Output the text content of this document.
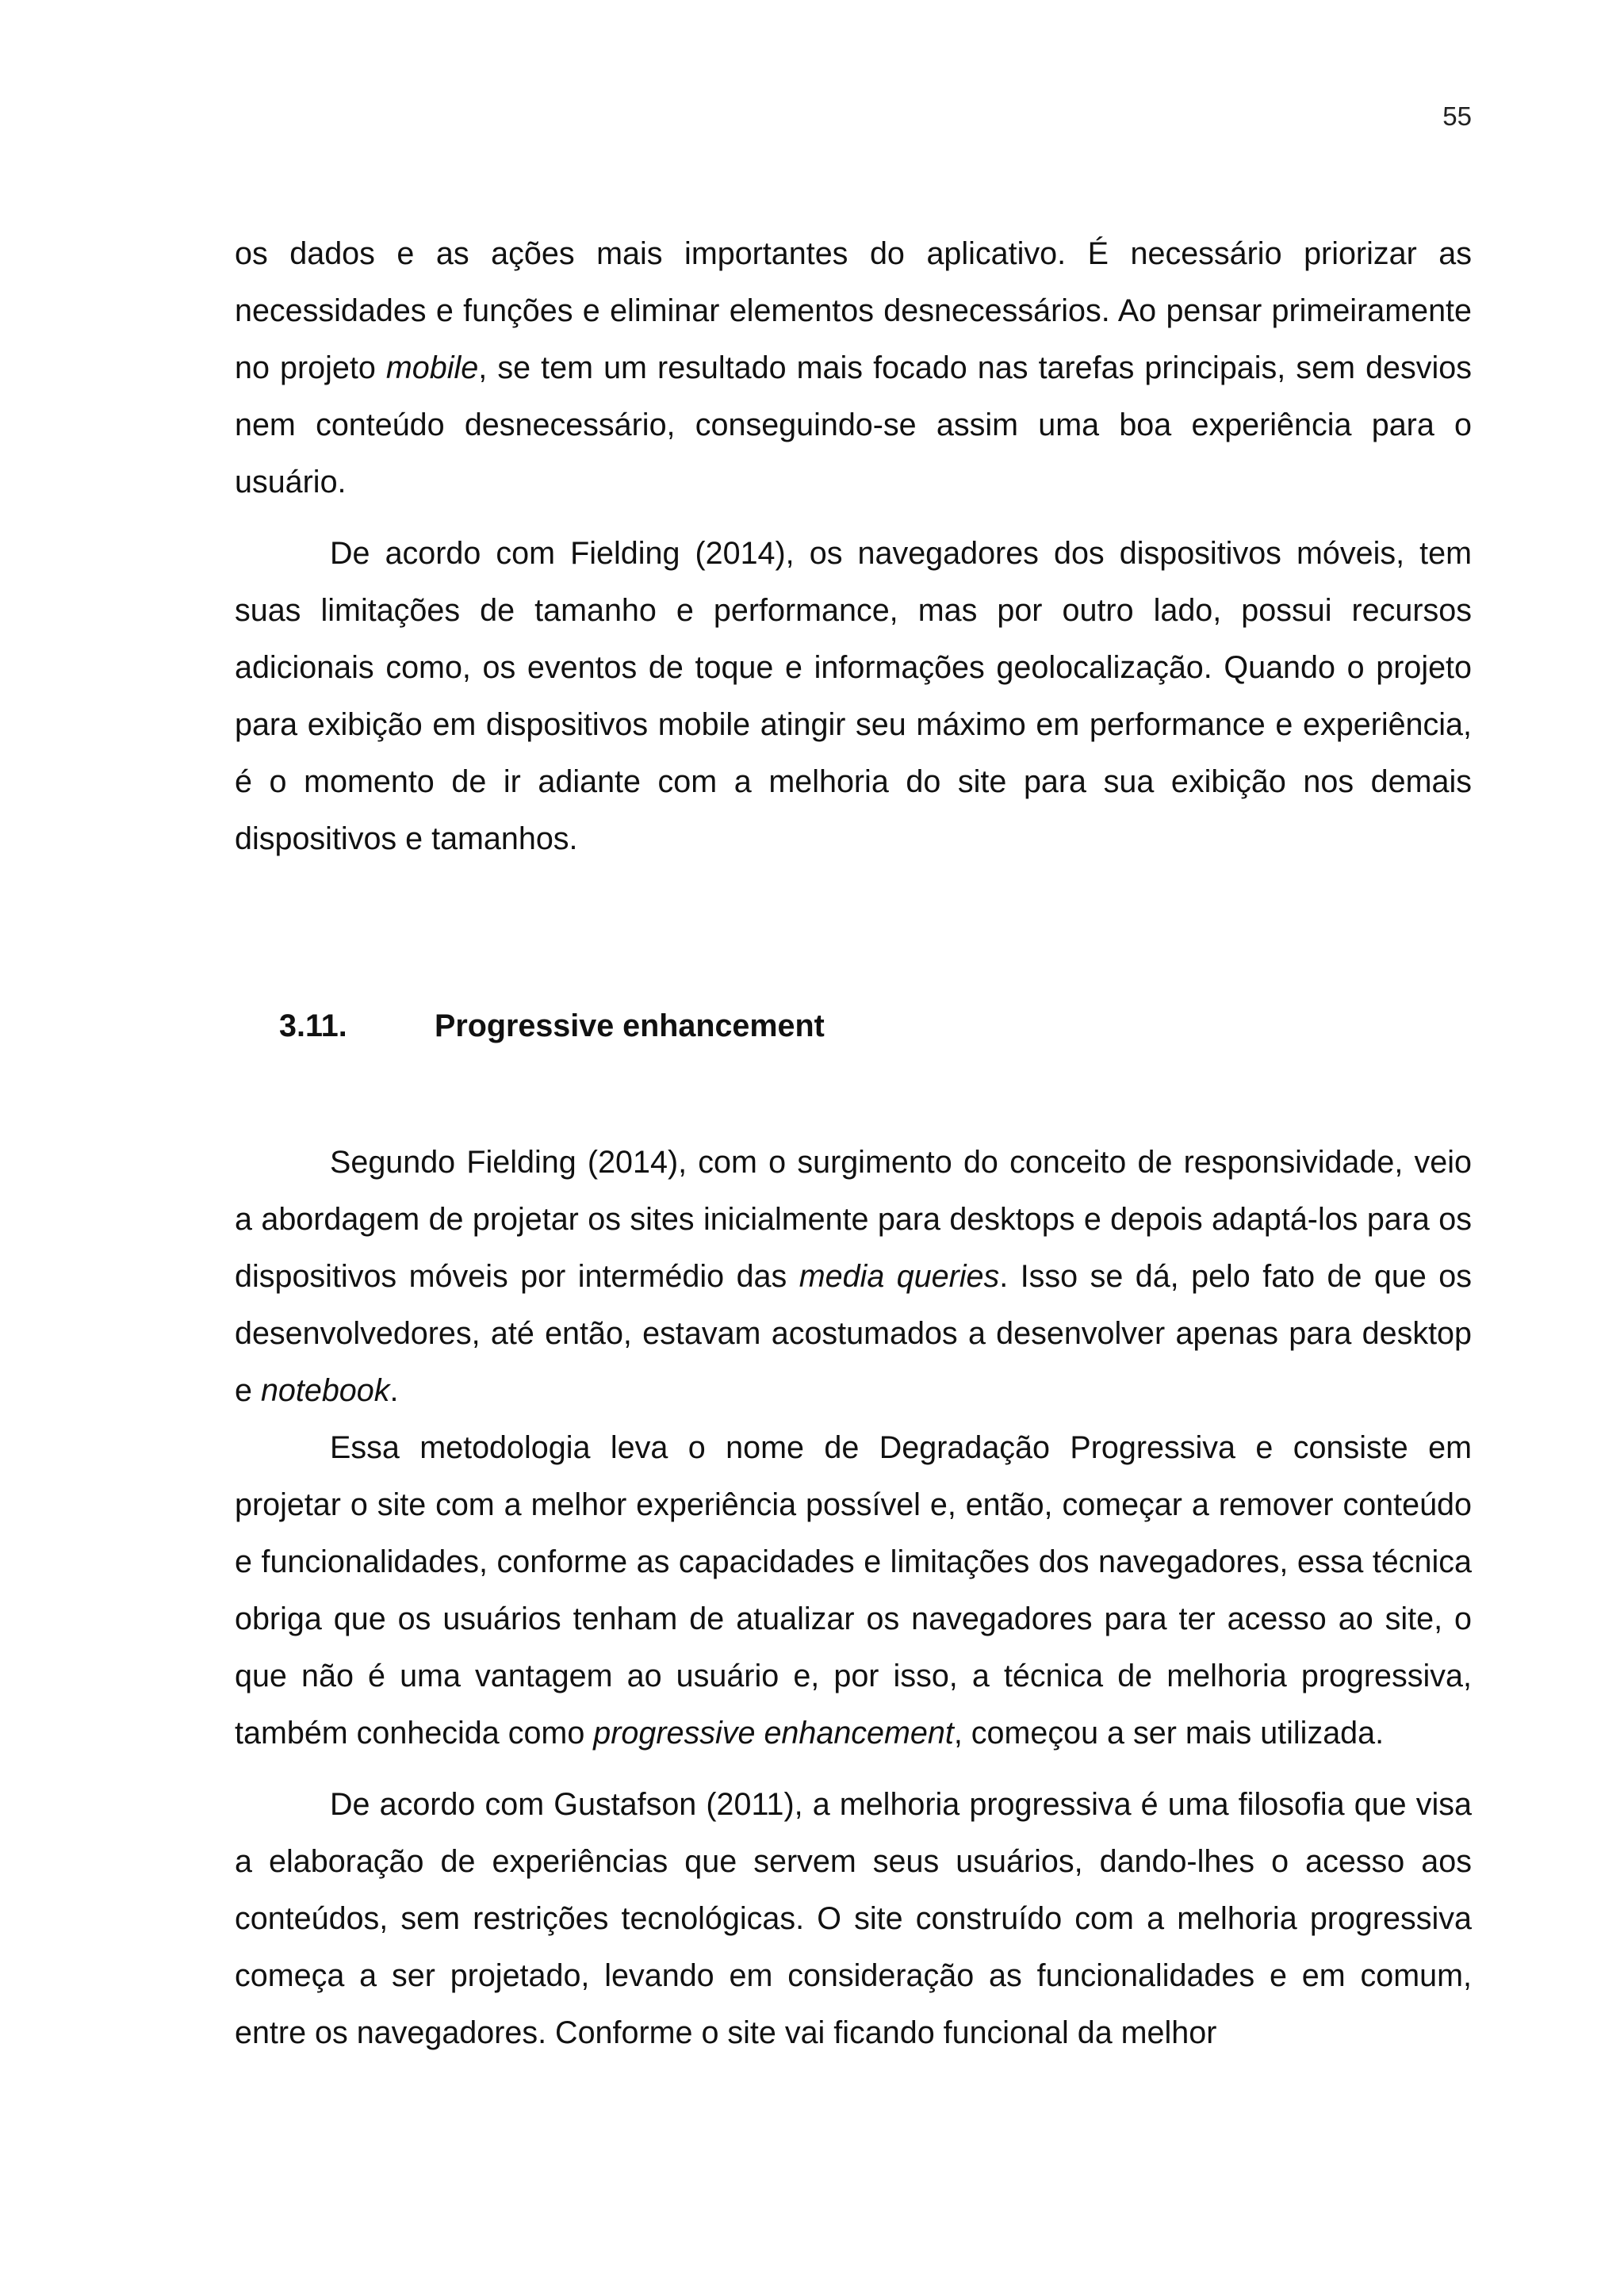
55

os dados e as ações mais importantes do aplicativo. É necessário priorizar as necessidades e funções e eliminar elementos desnecessários. Ao pensar primeiramente no projeto mobile, se tem um resultado mais focado nas tarefas principais, sem desvios nem conteúdo desnecessário, conseguindo-se assim uma boa experiência para o usuário.

De acordo com Fielding (2014), os navegadores dos dispositivos móveis, tem suas limitações de tamanho e performance, mas por outro lado, possui recursos adicionais como, os eventos de toque e informações geolocalização. Quando o projeto para exibição em dispositivos mobile atingir seu máximo em performance e experiência, é o momento de ir adiante com a melhoria do site para sua exibição nos demais dispositivos e tamanhos.

3.11.	Progressive enhancement

Segundo Fielding (2014), com o surgimento do conceito de responsividade, veio a abordagem de projetar os sites inicialmente para desktops e depois adaptá-los para os dispositivos móveis por intermédio das media queries. Isso se dá, pelo fato de que os desenvolvedores, até então, estavam acostumados a desenvolver apenas para desktop e notebook.

Essa metodologia leva o nome de Degradação Progressiva e consiste em projetar o site com a melhor experiência possível e, então, começar a remover conteúdo e funcionalidades, conforme as capacidades e limitações dos navegadores, essa técnica obriga que os usuários tenham de atualizar os navegadores para ter acesso ao site, o que não é uma vantagem ao usuário e, por isso, a técnica de melhoria progressiva, também conhecida como progressive enhancement, começou a ser mais utilizada.

De acordo com Gustafson (2011), a melhoria progressiva é uma filosofia que visa a elaboração de experiências que servem seus usuários, dando-lhes o acesso aos conteúdos, sem restrições tecnológicas. O site construído com a melhoria progressiva começa a ser projetado, levando em consideração as funcionalidades e em comum, entre os navegadores. Conforme o site vai ficando funcional da melhor
